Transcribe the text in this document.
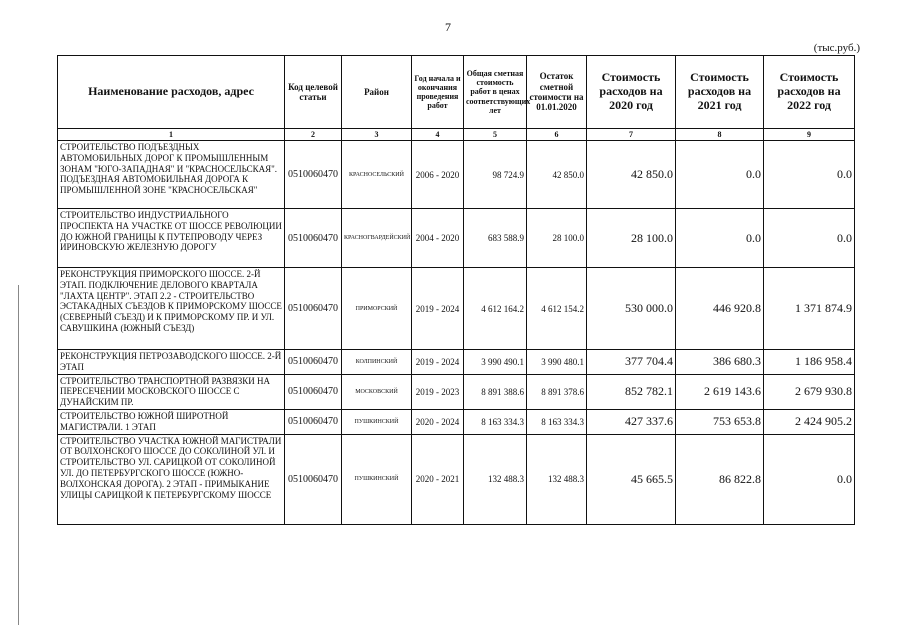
7
(тыс.руб.)
Наименование расходов, адрес	Код целевой статьи	Район	Год начала и окончания проведения работ	Общая сметная стоимость работ в ценах соответствующих лет	Остаток сметной стоимости на 01.01.2020	Стоимость расходов на 2020 год	Стоимость расходов на 2021 год	Стоимость расходов на 2022 год
1	2	3	4	5	6	7	8	9
СТРОИТЕЛЬСТВО ПОДЪЕЗДНЫХ АВТОМОБИЛЬНЫХ ДОРОГ К ПРОМЫШЛЕННЫМ ЗОНАМ "ЮГО-ЗАПАДНАЯ" И "КРАСНОСЕЛЬСКАЯ". ПОДЪЕЗДНАЯ АВТОМОБИЛЬНАЯ ДОРОГА К ПРОМЫШЛЕННОЙ ЗОНЕ "КРАСНОСЕЛЬСКАЯ"	0510060470	КРАСНОСЕЛЬСКИЙ	2006 - 2020	98 724.9	42 850.0	42 850.0	0.0	0.0
СТРОИТЕЛЬСТВО ИНДУСТРИАЛЬНОГО ПРОСПЕКТА НА УЧАСТКЕ ОТ ШОССЕ РЕВОЛЮЦИИ ДО ЮЖНОЙ ГРАНИЦЫ К ПУТЕПРОВОДУ ЧЕРЕЗ ИРИНОВСКУЮ ЖЕЛЕЗНУЮ ДОРОГУ	0510060470	КРАСНОГВАРДЕЙСКИЙ	2004 - 2020	683 588.9	28 100.0	28 100.0	0.0	0.0
РЕКОНСТРУКЦИЯ ПРИМОРСКОГО ШОССЕ. 2-Й ЭТАП. ПОДКЛЮЧЕНИЕ ДЕЛОВОГО КВАРТАЛА "ЛАХТА ЦЕНТР". ЭТАП 2.2 - СТРОИТЕЛЬСТВО ЭСТАКАДНЫХ СЪЕЗДОВ К ПРИМОРСКОМУ ШОССЕ (СЕВЕРНЫЙ СЪЕЗД) И К ПРИМОРСКОМУ ПР. И УЛ. САВУШКИНА (ЮЖНЫЙ СЪЕЗД)	0510060470	ПРИМОРСКИЙ	2019 - 2024	4 612 164.2	4 612 154.2	530 000.0	446 920.8	1 371 874.9
РЕКОНСТРУКЦИЯ ПЕТРОЗАВОДСКОГО ШОССЕ. 2-Й ЭТАП	0510060470	КОЛПИНСКИЙ	2019 - 2024	3 990 490.1	3 990 480.1	377 704.4	386 680.3	1 186 958.4
СТРОИТЕЛЬСТВО ТРАНСПОРТНОЙ РАЗВЯЗКИ НА ПЕРЕСЕЧЕНИИ МОСКОВСКОГО ШОССЕ С ДУНАЙСКИМ ПР.	0510060470	МОСКОВСКИЙ	2019 - 2023	8 891 388.6	8 891 378.6	852 782.1	2 619 143.6	2 679 930.8
СТРОИТЕЛЬСТВО ЮЖНОЙ ШИРОТНОЙ МАГИСТРАЛИ. 1 ЭТАП	0510060470	ПУШКИНСКИЙ	2020 - 2024	8 163 334.3	8 163 334.3	427 337.6	753 653.8	2 424 905.2
СТРОИТЕЛЬСТВО УЧАСТКА ЮЖНОЙ МАГИСТРАЛИ ОТ ВОЛХОНСКОГО ШОССЕ ДО СОКОЛИНОЙ УЛ. И СТРОИТЕЛЬСТВО УЛ. САРИЦКОЙ ОТ СОКОЛИНОЙ УЛ. ДО ПЕТЕРБУРГСКОГО ШОССЕ (ЮЖНО-ВОЛХОНСКАЯ ДОРОГА). 2 ЭТАП - ПРИМЫКАНИЕ УЛИЦЫ САРИЦКОЙ К ПЕТЕРБУРГСКОМУ ШОССЕ	0510060470	ПУШКИНСКИЙ	2020 - 2021	132 488.3	132 488.3	45 665.5	86 822.8	0.0
